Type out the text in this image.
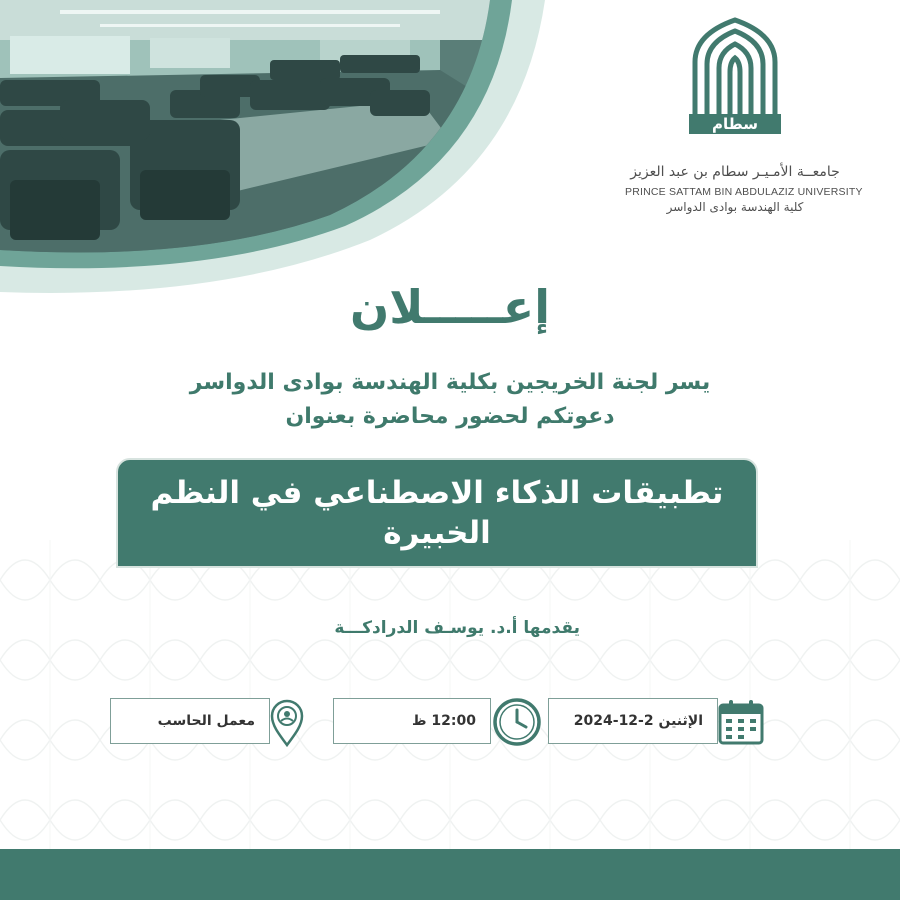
سطام
جامعــة الأمـيـر سطام بن عبد العزيز
PRINCE SATTAM BIN ABDULAZIZ UNIVERSITY
كلية الهندسة بوادى الدواسر
إعـــــلان
يسر لجنة الخريجين بكلية الهندسة بوادى الدواسر
دعوتكم لحضور محاضرة بعنوان
تطبيقات الذكاء الاصطناعي في النظم الخبيرة
يقدمها أ.د. يوسـف الدرادكـــة
الإثنين 2-12-2024
12:00 ظ
معمل الحاسب
